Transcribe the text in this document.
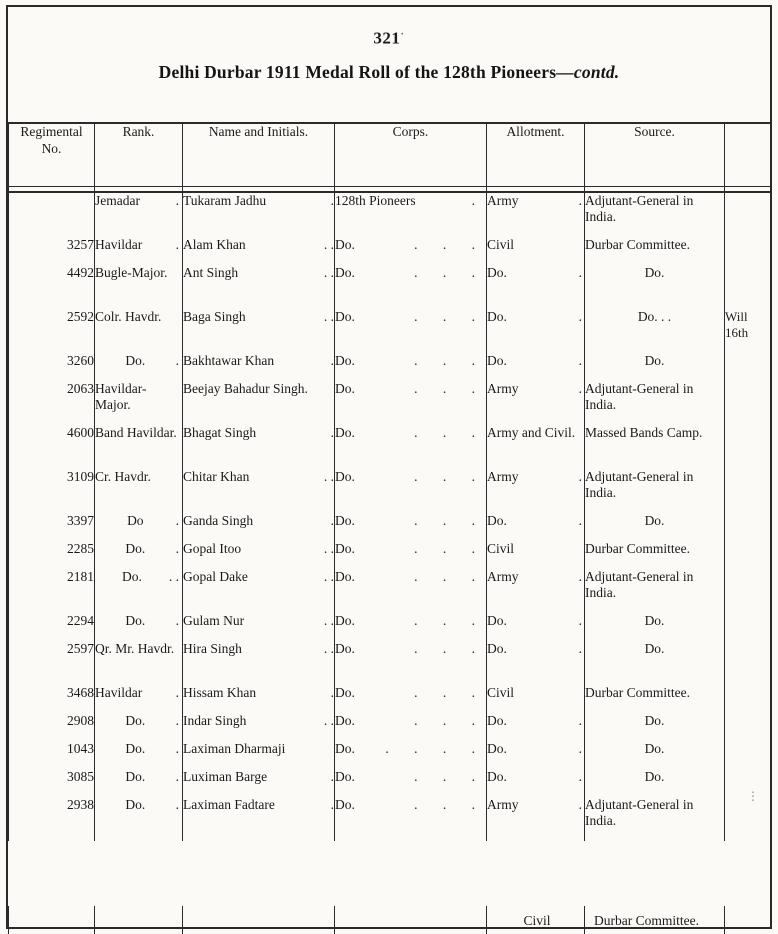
321·
Delhi Durbar 1911 Medal Roll of the 128th Pioneers—contd.
Regimental
No.	Rank.	Name and Initials.	Corps.	Allotment.	Source.	

	Jemadar .	Tukaram Jadhu .	128th Pioneers .	Army .	Adjutant-General in India.	
3257	Havildar .	Alam Khan . .	Do. . . .	Civil	Durbar Committee.	
4492	Bugle-Major.	Ant Singh . .	Do. . . .	Do. .	Do.	
2592	Colr. Havdr.	Baga Singh . .	Do. . . .	Do. .	Do. . .	Will
16th

3260	Do. .	Bakhtawar Khan .	Do. . . .	Do. .	Do.	
2063	Havildar-Major.	Beejay Bahadur Singh.	Do. . . .	Army .	Adjutant-General in India.	
4600	Band Havildar.	Bhagat Singh .	Do. . . .	Army and Civil.	Massed Bands Camp.	
3109	Cr. Havdr.	Chitar Khan . .	Do. . . .	Army .	Adjutant-General in India.	
3397	Do .	Ganda Singh .	Do. . . .	Do. .	Do.	
2285	Do. .	Gopal Itoo . .	Do. . . .	Civil	Durbar Committee.	
2181	Do. . .	Gopal Dake . .	Do. . . .	Army .	Adjutant-General in India.	
2294	Do. .	Gulam Nur . .	Do. . . .	Do. .	Do.	
2597	Qr. Mr. Havdr.	Hira Singh . .	Do. . . .	Do. .	Do.	
3468	Havildar .	Hissam Khan .	Do. . . .	Civil	Durbar Committee.	
2908	Do. .	Indar Singh . .	Do. . . .	Do. .	Do.	
1043	Do. .	Laximan Dharmaji	Do. . . . .	Do. .	Do.	
3085	Do. .	Luximan Barge .	Do. . . .	Do. .	Do.	
2938	Do. .	Laximan Fadtare .	Do. . . .	Army .	Adjutant-General in India.	
				Civil	Durbar Committee.	
⋮
